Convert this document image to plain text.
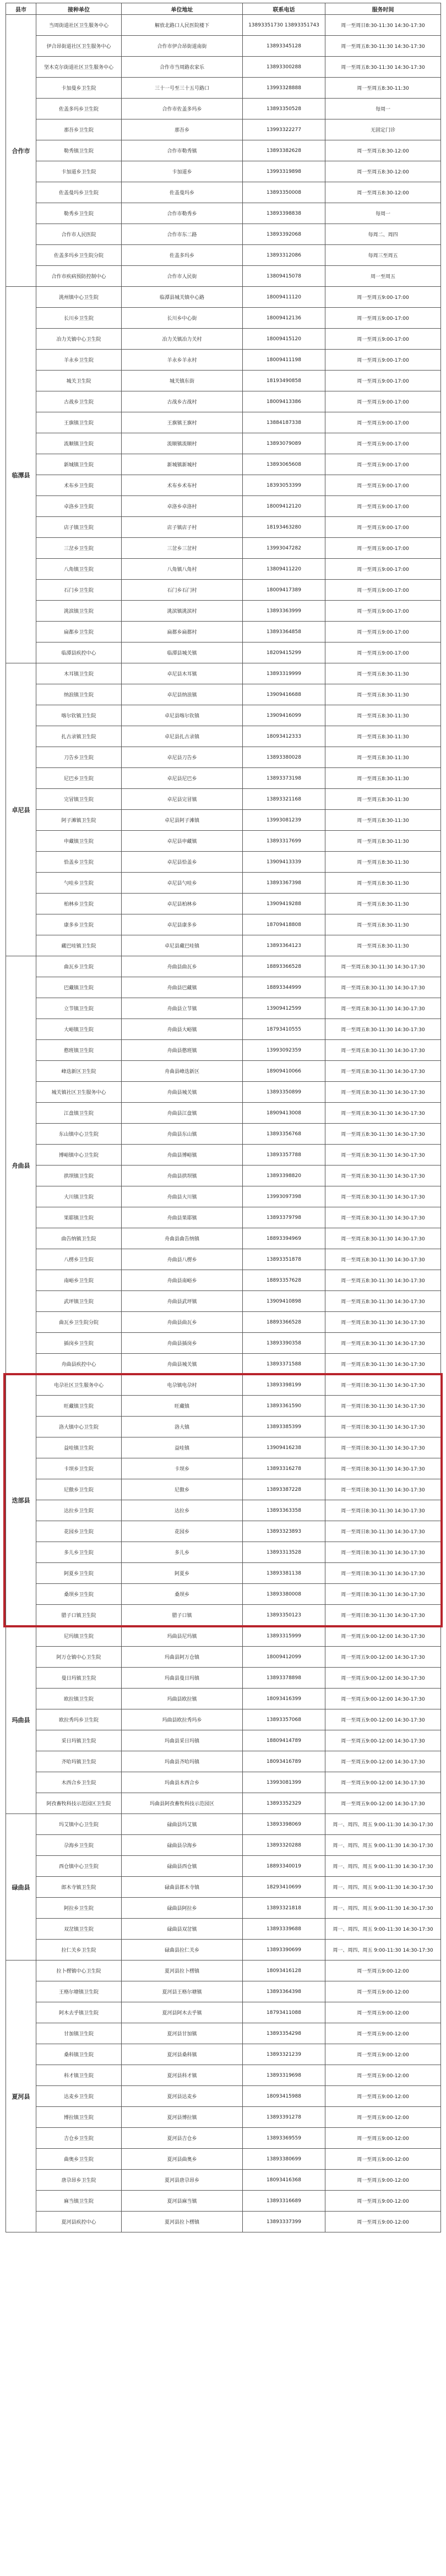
县市	接种单位	单位地址	联系电话	服务时间
合作市	当周街道社区卫生服务中心	解放北路口人民医院楼下	13893351730 13893351743	周一至周日8:30-11:30 14:30-17:30
	伊合昂街道社区卫生服务中心	合作市伊合昂街道南街	13893345128	周一至周五8:30-11:30 14:30-17:30
	坚木克尔街道社区卫生服务中心	合作市当周路农家乐	13893300288	周一至周五8:30-11:30 14:30-17:30
	卡加曼乡卫生院	三十一号至三十五号路口	13993328888	周一至周五8:30-11:30
	佐盖多玛乡卫生院	合作市佐盖多玛乡	13893350528	每周一
	那吾乡卫生院	那吾乡	13993322277	无固定门诊
	勒秀镇卫生院	合作市勒秀镇	13893382628	周一至周五8:30-12:00
	卡加道乡卫生院	卡加道乡	13993319898	周一至周五8:30-12:00
	佐盖曼玛乡卫生院	佐盖曼玛乡	13893350008	周一至周五8:30-12:00
	勒秀乡卫生院	合作市勒秀乡	13893398838	每周一
	合作市人民医院	合作市东二路	13893392068	每周二、周四
	佐盖多玛乡卫生院分院	佐盖多玛乡	13893312086	每周三至周五
	合作市疾病预防控制中心	合作市人民街	13809415078	周一至周五
临潭县	洮州镇中心卫生院	临潭县城关镇中心路	18009411120	周一至周五9:00-17:00
	长川乡卫生院	长川乡中心街	18009412136	周一至周五9:00-17:00
	冶力关镇中心卫生院	冶力关镇冶力关村	18009415120	周一至周五9:00-17:00
	羊永乡卫生院	羊永乡羊永村	18009411198	周一至周五9:00-17:00
	城关卫生院	城关镇东街	18193490858	周一至周五9:00-17:00
	古战乡卫生院	古战乡古战村	18009413386	周一至周五9:00-17:00
	王旗镇卫生院	王旗镇王旗村	13884187338	周一至周五9:00-17:00
	流顺镇卫生院	流顺镇流顺村	13893079089	周一至周五9:00-17:00
	新城镇卫生院	新城镇新城村	13893065608	周一至周五9:00-17:00
	术布乡卫生院	术布乡术布村	18393053399	周一至周五9:00-17:00
	卓洛乡卫生院	卓洛乡卓洛村	18009412120	周一至周五9:00-17:00
	店子镇卫生院	店子镇店子村	18193463280	周一至周五9:00-17:00
	三岔乡卫生院	三岔乡三岔村	13993047282	周一至周五9:00-17:00
	八角镇卫生院	八角镇八角村	13809411220	周一至周五9:00-17:00
	石门乡卫生院	石门乡石门村	18009417389	周一至周五9:00-17:00
	洮滨镇卫生院	洮滨镇洮滨村	13893363999	周一至周五9:00-17:00
	扁都乡卫生院	扁都乡扁都村	13893364858	周一至周五9:00-17:00
	临潭县疾控中心	临潭县城关镇	18209415299	周一至周五9:00-17:00
卓尼县	木耳镇卫生院	卓尼县木耳镇	13893319999	周一至周五8:30-11:30
	纳浪镇卫生院	卓尼县纳浪镇	13909416688	周一至周五8:30-11:30
	喀尔钦镇卫生院	卓尼县喀尔钦镇	13909416099	周一至周五8:30-11:30
	扎古录镇卫生院	卓尼县扎古录镇	18093412333	周一至周五8:30-11:30
	刀告乡卫生院	卓尼县刀告乡	13893380028	周一至周五8:30-11:30
	尼巴乡卫生院	卓尼县尼巴乡	13893373198	周一至周五8:30-11:30
	完冒镇卫生院	卓尼县完冒镇	13893321168	周一至周五8:30-11:30
	阿子滩镇卫生院	卓尼县阿子滩镇	13993081239	周一至周五8:30-11:30
	申藏镇卫生院	卓尼县申藏镇	13893317699	周一至周五8:30-11:30
	恰盖乡卫生院	卓尼县恰盖乡	13909413339	周一至周五8:30-11:30
	勺哇乡卫生院	卓尼县勺哇乡	13893367398	周一至周五8:30-11:30
	柏林乡卫生院	卓尼县柏林乡	13909419288	周一至周五8:30-11:30
	康多乡卫生院	卓尼县康多乡	18709418808	周一至周五8:30-11:30
	藏巴哇镇卫生院	卓尼县藏巴哇镇	13893364123	周一至周五8:30-11:30
舟曲县	曲瓦乡卫生院	舟曲县曲瓦乡	18893366528	周一至周五8:30-11:30 14:30-17:30
	巴藏镇卫生院	舟曲县巴藏镇	18893344999	周一至周五8:30-11:30 14:30-17:30
	立节镇卫生院	舟曲县立节镇	13909412599	周一至周五8:30-11:30 14:30-17:30
	大峪镇卫生院	舟曲县大峪镇	18793410555	周一至周五8:30-11:30 14:30-17:30
	憨班镇卫生院	舟曲县憨班镇	13993092359	周一至周五8:30-11:30 14:30-17:30
	峰迭新区卫生院	舟曲县峰迭新区	18909410066	周一至周五8:30-11:30 14:30-17:30
	城关镇社区卫生服务中心	舟曲县城关镇	13893350899	周一至周五8:30-11:30 14:30-17:30
	江盘镇卫生院	舟曲县江盘镇	18909413008	周一至周五8:30-11:30 14:30-17:30
	东山镇中心卫生院	舟曲县东山镇	13893356768	周一至周五8:30-11:30 14:30-17:30
	博峪镇中心卫生院	舟曲县博峪镇	13893357788	周一至周五8:30-11:30 14:30-17:30
	拱坝镇卫生院	舟曲县拱坝镇	13893398820	周一至周五8:30-11:30 14:30-17:30
	大川镇卫生院	舟曲县大川镇	13993097398	周一至周五8:30-11:30 14:30-17:30
	果耶镇卫生院	舟曲县果耶镇	13893379798	周一至周五8:30-11:30 14:30-17:30
	曲告纳镇卫生院	舟曲县曲告纳镇	18893394969	周一至周五8:30-11:30 14:30-17:30
	八楞乡卫生院	舟曲县八楞乡	13893351878	周一至周五8:30-11:30 14:30-17:30
	南峪乡卫生院	舟曲县南峪乡	18893357628	周一至周五8:30-11:30 14:30-17:30
	武坪镇卫生院	舟曲县武坪镇	13909410898	周一至周五8:30-11:30 14:30-17:30
	曲瓦乡卫生院分院	舟曲县曲瓦乡	18893366528	周一至周五8:30-11:30 14:30-17:30
	插岗乡卫生院	舟曲县插岗乡	13893390358	周一至周五8:30-11:30 14:30-17:30
	舟曲县疾控中心	舟曲县城关镇	13893371588	周一至周五8:30-11:30 14:30-17:30
迭部县	电尕社区卫生服务中心	电尕镇电尕村	13893398199	周一至周日8:30-11:30 14:30-17:30
	旺藏镇卫生院	旺藏镇	13893361590	周一至周日8:30-11:30 14:30-17:30
	洛大镇中心卫生院	洛大镇	13893385399	周一至周日8:30-11:30 14:30-17:30
	益哇镇卫生院	益哇镇	13909416238	周一至周日8:30-11:30 14:30-17:30
	卡坝乡卫生院	卡坝乡	13893316278	周一至周日8:30-11:30 14:30-17:30
	尼傲乡卫生院	尼傲乡	13893387228	周一至周日8:30-11:30 14:30-17:30
	达拉乡卫生院	达拉乡	13893363358	周一至周日8:30-11:30 14:30-17:30
	花园乡卫生院	花园乡	13893323893	周一至周日8:30-11:30 14:30-17:30
	多儿乡卫生院	多儿乡	13893313528	周一至周日8:30-11:30 14:30-17:30
	阿夏乡卫生院	阿夏乡	13893381138	周一至周日8:30-11:30 14:30-17:30
	桑坝乡卫生院	桑坝乡	13893380008	周一至周日8:30-11:30 14:30-17:30
	腊子口镇卫生院	腊子口镇	13893350123	周一至周日8:30-11:30 14:30-17:30
玛曲县	尼玛镇卫生院	玛曲县尼玛镇	13893315999	周一至周五9:00-12:00 14:30-17:30
	阿万仓镇中心卫生院	玛曲县阿万仓镇	18009412099	周一至周五9:00-12:00 14:30-17:30
	曼日玛镇卫生院	玛曲县曼日玛镇	13893378898	周一至周五9:00-12:00 14:30-17:30
	欧拉镇卫生院	玛曲县欧拉镇	18093416399	周一至周五9:00-12:00 14:30-17:30
	欧拉秀玛乡卫生院	玛曲县欧拉秀玛乡	13893357068	周一至周五9:00-12:00 14:30-17:30
	采日玛镇卫生院	玛曲县采日玛镇	18809414789	周一至周五9:00-12:00 14:30-17:30
	齐哈玛镇卫生院	玛曲县齐哈玛镇	18093416789	周一至周五9:00-12:00 14:30-17:30
	木西合乡卫生院	玛曲县木西合乡	13993081399	周一至周五9:00-12:00 14:30-17:30
	阿孜畜牧科技示范园区卫生院	玛曲县阿孜畜牧科技示范园区	13893352329	周一至周五9:00-12:00 14:30-17:30
碌曲县	玛艾镇中心卫生院	碌曲县玛艾镇	13893398069	周一、周四、周五 9:00-11:30 14:30-17:30
	尕海乡卫生院	碌曲县尕海乡	13893320288	周一、周四、周五 9:00-11:30 14:30-17:30
	西仓镇中心卫生院	碌曲县西仓镇	18893340019	周一、周四、周五 9:00-11:30 14:30-17:30
	郎木寺镇卫生院	碌曲县郎木寺镇	18293410699	周一、周四、周五 9:00-11:30 14:30-17:30
	阿拉乡卫生院	碌曲县阿拉乡	13893321818	周一、周四、周五 9:00-11:30 14:30-17:30
	双岔镇卫生院	碌曲县双岔镇	13893339688	周一、周四、周五 9:00-11:30 14:30-17:30
	拉仁关乡卫生院	碌曲县拉仁关乡	13893390699	周一、周四、周五 9:00-11:30 14:30-17:30
夏河县	拉卜楞镇中心卫生院	夏河县拉卜楞镇	18093416128	周一至周五9:00-12:00
	王格尔塘镇卫生院	夏河县王格尔塘镇	13893364398	周一至周五9:00-12:00
	阿木去乎镇卫生院	夏河县阿木去乎镇	18793411088	周一至周五9:00-12:00
	甘加镇卫生院	夏河县甘加镇	13893354298	周一至周五9:00-12:00
	桑科镇卫生院	夏河县桑科镇	13893321239	周一至周五9:00-12:00
	科才镇卫生院	夏河县科才镇	13893319698	周一至周五9:00-12:00
	达麦乡卫生院	夏河县达麦乡	18093415988	周一至周五9:00-12:00
	博拉镇卫生院	夏河县博拉镇	13893391278	周一至周五9:00-12:00
	吉仓乡卫生院	夏河县吉仓乡	13893369559	周一至周五9:00-12:00
	曲奥乡卫生院	夏河县曲奥乡	13893380699	周一至周五9:00-12:00
	唐尕昂乡卫生院	夏河县唐尕昂乡	18093416368	周一至周五9:00-12:00
	麻当镇卫生院	夏河县麻当镇	13893316689	周一至周五9:00-12:00
	夏河县疾控中心	夏河县拉卜楞镇	13893337399	周一至周五9:00-12:00
